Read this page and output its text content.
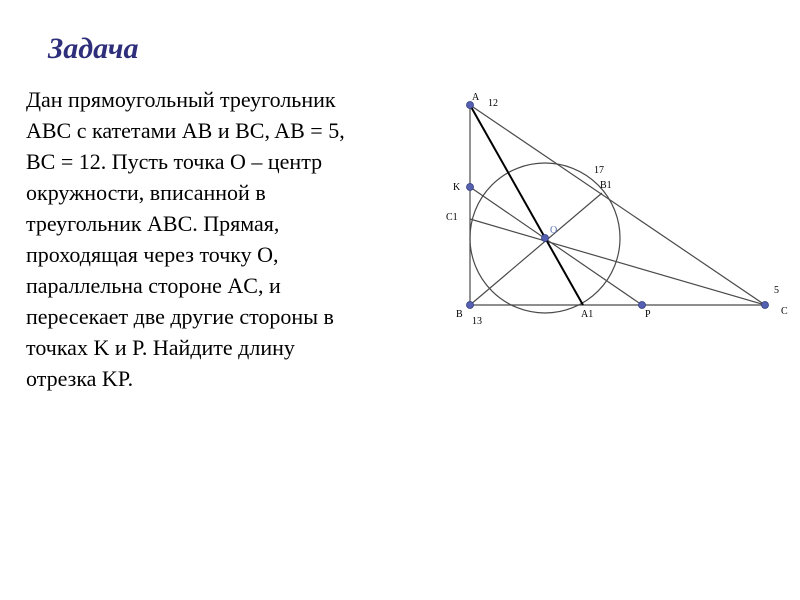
Задача
Дан прямоугольный треугольник
ABC с катетами AB и BC, AB = 5,
BC = 12. Пусть точка O – центр
окружности, вписанной в
треугольник ABC. Прямая,
проходящая через точку O,
параллельна стороне AC, и
пересекает две другие стороны в
точках K и P. Найдите длину
отрезка KP.
A
12
K
C1
17
B1
O
5
B
13
A1	P	C
